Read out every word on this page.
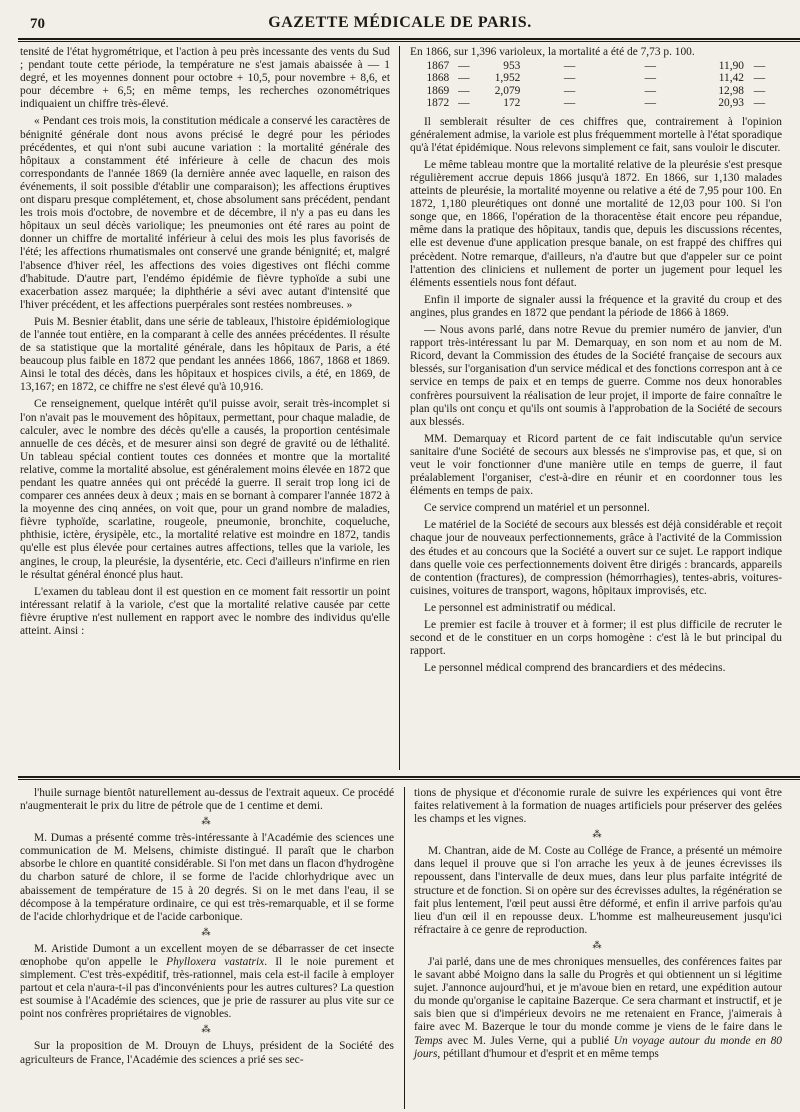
70	GAZETTE MÉDICALE DE PARIS.

tensité de l'état hygrométrique, et l'action à peu près incessante des vents du Sud ; pendant toute cette période, la température ne s'est jamais abaissée à — 1 degré, et les moyennes donnent pour octobre + 10,5, pour novembre + 8,6, et pour décembre + 6,5; en même temps, les recherches ozonométriques indiquaient un chiffre très-élevé.

« Pendant ces trois mois, la constitution médicale a conservé les caractères de bénignité générale dont nous avons précisé le degré pour les périodes précédentes, et qui n'ont subi aucune variation : la mortalité générale des hôpitaux a constamment été inférieure à celle de chacun des mois correspondants de l'année 1869 (la dernière année avec laquelle, en raison des événements, il soit possible d'établir une comparaison); les affections éruptives ont disparu presque complétement, et, chose absolument sans précédent, pendant les trois mois d'octobre, de novembre et de décembre, il n'y a pas eu dans les hôpitaux un seul décès variolique; les pneumonies ont été rares au point de donner un chiffre de mortalité inférieur à celui des mois les plus favorisés de l'été; les affections rhumatismales ont conservé une grande bénignité; et, malgré l'absence d'hiver réel, les affections des voies digestives ont fléchi comme d'habitude. D'autre part, l'endémo épidémie de fièvre typhoïde a subi une exacerbation assez marquée; la diphthérie a sévi avec autant d'intensité que l'hiver précédent, et les affections puerpérales sont restées nombreuses. »

Puis M. Besnier établit, dans une série de tableaux, l'histoire épidémiologique de l'année tout entière, en la comparant à celle des années précédentes. Il résulte de sa statistique que la mortalité générale, dans les hôpitaux de Paris, a été beaucoup plus faible en 1872 que pendant les années 1866, 1867, 1868 et 1869. Ainsi le total des décès, dans les hôpitaux et hospices civils, a été, en 1869, de 13,167; en 1872, ce chiffre ne s'est élevé qu'à 10,916.

Ce renseignement, quelque intérêt qu'il puisse avoir, serait très-incomplet si l'on n'avait pas le mouvement des hôpitaux, permettant, pour chaque maladie, de calculer, avec le nombre des décès qu'elle a causés, la proportion centésimale annuelle de ces décès, et de mesurer ainsi son degré de gravité ou de léthalité. Un tableau spécial contient toutes ces données et montre que la mortalité relative, comme la mortalité absolue, est généralement moins élevée en 1872 que pendant les quatre années qui ont précédé la guerre. Il serait trop long ici de comparer ces années deux à deux ; mais en se bornant à comparer l'année 1872 à la moyenne des cinq années, on voit que, pour un grand nombre de maladies, fièvre typhoïde, scarlatine, rougeole, pneumonie, bronchite, coqueluche, phthisie, ictère, érysipèle, etc., la mortalité relative est moindre en 1872, tandis qu'elle est plus élevée pour certaines autres affections, telles que la variole, les angines, le croup, la pleurésie, la dysentérie, etc. Ceci d'ailleurs n'infirme en rien le résultat général énoncé plus haut.

L'examen du tableau dont il est question en ce moment fait ressortir un point intéressant relatif à la variole, c'est que la mortalité relative causée par cette fièvre éruptive n'est nullement en rapport avec le nombre des individus qu'elle atteint. Ainsi :

En 1866, sur 1,396 varioleux, la mortalité a été de 7,73 p. 100.
1867	—	953	—	—	11,90	—
1868	—	1,952	—	—	11,42	—
1869	—	2,079	—	—	12,98	—
1872	—	172	—	—	20,93	—

Il semblerait résulter de ces chiffres que, contrairement à l'opinion généralement admise, la variole est plus fréquemment mortelle à l'état sporadique qu'à l'état épidémique. Nous relevons simplement ce fait, sans vouloir le discuter.

Le même tableau montre que la mortalité relative de la pleurésie s'est presque régulièrement accrue depuis 1866 jusqu'à 1872. En 1866, sur 1,130 malades atteints de pleurésie, la mortalité moyenne ou relative a été de 7,95 pour 100. En 1872, 1,180 pleurétiques ont donné une mortalité de 12,03 pour 100. Si l'on songe que, en 1866, l'opération de la thoracentèse était encore peu répandue, même dans la pratique des hôpitaux, tandis que, depuis les discussions récentes, elle est devenue d'une application presque banale, on est frappé des chiffres qui précèdent. Notre remarque, d'ailleurs, n'a d'autre but que d'appeler sur ce point l'attention des cliniciens et nullement de porter un jugement pour lequel les éléments essentiels nous font défaut.

Enfin il importe de signaler aussi la fréquence et la gravité du croup et des angines, plus grandes en 1872 que pendant la période de 1866 à 1869.

— Nous avons parlé, dans notre Revue du premier numéro de janvier, d'un rapport très-intéressant lu par M. Demarquay, en son nom et au nom de M. Ricord, devant la Commission des études de la Société française de secours aux blessés, sur l'organisation d'un service médical et des fonctions correspon ant à ce service en temps de paix et en temps de guerre. Comme nos deux honorables confrères poursuivent la réalisation de leur projet, il importe de faire connaître le plan qu'ils ont conçu et qu'ils ont soumis à l'approbation de la Société de secours aux blessés.

MM. Demarquay et Ricord partent de ce fait indiscutable qu'un service sanitaire d'une Société de secours aux blessés ne s'improvise pas, et que, si on veut le voir fonctionner d'une manière utile en temps de guerre, il faut préalablement l'organiser, c'est-à-dire en réunir et en coordonner tous les éléments en temps de paix.

Ce service comprend un matériel et un personnel.

Le matériel de la Société de secours aux blessés est déjà considérable et reçoit chaque jour de nouveaux perfectionnements, grâce à l'activité de la Commission des études et au concours que la Société a ouvert sur ce sujet. Le rapport indique dans quelle voie ces perfectionnements doivent être dirigés : brancards, appareils de contention (fractures), de compression (hémorrhagies), tentes-abris, voitures-cuisines, voitures de transport, wagons, hôpitaux improvisés, etc.

Le personnel est administratif ou médical.

Le premier est facile à trouver et à former; il est plus difficile de recruter le second et de le constituer en un corps homogène : c'est là le but principal du rapport.

Le personnel médical comprend des brancardiers et des médecins.

l'huile surnage bientôt naturellement au-dessus de l'extrait aqueux. Ce procédé n'augmenterait le prix du litre de pétrole que de 1 centime et demi.

⁂

M. Dumas a présenté comme très-intéressante à l'Académie des sciences une communication de M. Melsens, chimiste distingué. Il paraît que le charbon absorbe le chlore en quantité considérable. Si l'on met dans un flacon d'hydrogène du charbon saturé de chlore, il se forme de l'acide chlorhydrique avec un abaissement de température de 15 à 20 degrés. Si on le met dans l'eau, il se décompose à la température ordinaire, ce qui est très-remarquable, et il se forme de l'acide chlorhydrique et de l'acide carbonique.

⁂

M. Aristide Dumont a un excellent moyen de se débarrasser de cet insecte œnophobe qu'on appelle le Phylloxera vastatrix. Il le noie purement et simplement. C'est très-expéditif, très-rationnel, mais cela est-il facile à employer partout et cela n'aura-t-il pas d'inconvénients pour les autres cultures? La question est soumise à l'Académie des sciences, que je prie de rassurer au plus vite sur ce point nos confrères propriétaires de vignobles.

⁂

Sur la proposition de M. Drouyn de Lhuys, président de la Société des agriculteurs de France, l'Académie des sciences a prié ses sec-

tions de physique et d'économie rurale de suivre les expériences qui vont être faites relativement à la formation de nuages artificiels pour préserver des gelées les champs et les vignes.

⁂

M. Chantran, aide de M. Coste au Collége de France, a présenté un mémoire dans lequel il prouve que si l'on arrache les yeux à de jeunes écrevisses ils repoussent, dans l'intervalle de deux mues, dans leur plus parfaite intégrité de structure et de fonction. Si on opère sur des écrevisses adultes, la régénération se fait plus lentement, l'œil peut aussi être déformé, et enfin il arrive parfois qu'au lieu d'un œil il en repousse deux. L'homme est malheureusement jusqu'ici réfractaire à ce genre de reproduction.

⁂

J'ai parlé, dans une de mes chroniques mensuelles, des conférences faites par le savant abbé Moigno dans la salle du Progrès et qui obtiennent un si légitime sujet. J'annonce aujourd'hui, et je m'avoue bien en retard, une expédition autour du monde qu'organise le capitaine Bazerque. Ce sera charmant et instructif, et je sais bien que si d'impérieux devoirs ne me retenaient en France, j'aimerais à faire avec M. Bazerque le tour du monde comme je viens de le faire dans le Temps avec M. Jules Verne, qui a publié Un voyage autour du monde en 80 jours, pétillant d'humour et d'esprit et en même temps
